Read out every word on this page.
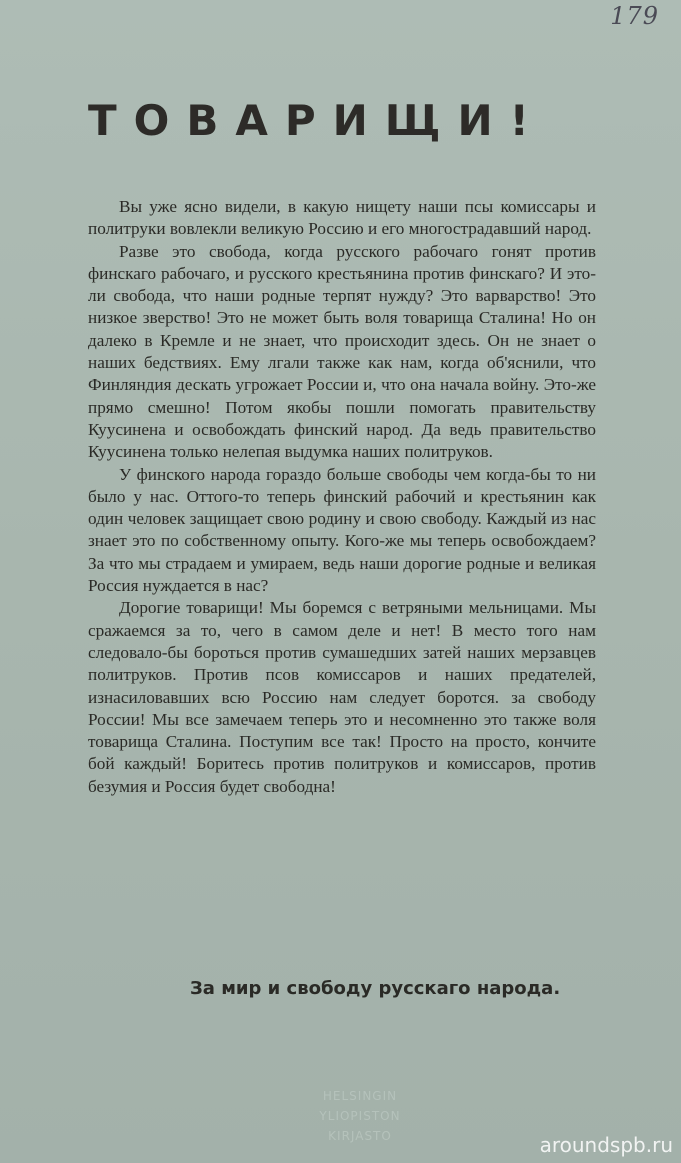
179
ТОВАРИЩИ!

Вы уже ясно видели, в какую нищету наши псы комиссары и политруки вовлекли великую Россию и его многострадавший народ.

Разве это свобода, когда русского рабочаго гонят против финскаго рабочаго, и русского крестьянина против финскаго? И это-ли свобода, что наши родные терпят нужду? Это варварство! Это низкое зверство! Это не может быть воля товарища Сталина! Но он далеко в Кремле и не знает, что происходит здесь. Он не знает о наших бедствиях. Ему лгали также как нам, когда об'яснили, что Финляндия дескать угрожает России и, что она начала войну. Это-же прямо смешно! Потом якобы пошли помогать правительству Куусинена и освобождать финский народ. Да ведь правительство Куусинена только нелепая выдумка наших политруков.

У финского народа гораздо больше свободы чем когда-бы то ни было у нас. Оттого-то теперь финский рабочий и крестьянин как один человек защищает свою родину и свою свободу. Каждый из нас знает это по собственному опыту. Кого-же мы теперь освобождаем? За что мы страдаем и умираем, ведь наши дорогие родные и великая Россия нуждается в нас?

Дорогие товарищи! Мы боремся с ветряными мельницами. Мы сражаемся за то, чего в самом деле и нет! В место того нам следовало-бы бороться против сумашедших затей наших мерзавцев политруков. Против псов комиссаров и наших предателей, изнасиловавших всю Россию нам следует боротся. за свободу России! Мы все замечаем теперь это и несомненно это также воля товарища Сталина. Поступим все так! Просто на просто, кончите бой каждый! Боритесь против политруков и комиссаров, против безумия и Россия будет свободна!

За мир и свободу русскаго народа.
HELSINGIN
YLIOPISTON
KIRJASTO	aroundspb.ru
